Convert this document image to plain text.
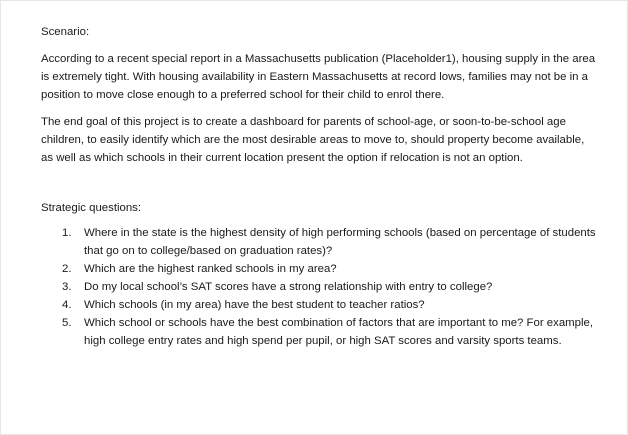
Scenario:

According to a recent special report in a Massachusetts publication (Placeholder1), housing supply in the area is extremely tight. With housing availability in Eastern Massachusetts at record lows, families may not be in a position to move close enough to a preferred school for their child to enrol there.

The end goal of this project is to create a dashboard for parents of school-age, or soon-to-be-school age children, to easily identify which are the most desirable areas to move to, should property become available, as well as which schools in their current location present the option if relocation is not an option.

Strategic questions:

1. Where in the state is the highest density of high performing schools (based on percentage of students that go on to college/based on graduation rates)?
2. Which are the highest ranked schools in my area?
3. Do my local school’s SAT scores have a strong relationship with entry to college?
4. Which schools (in my area) have the best student to teacher ratios?
5. Which school or schools have the best combination of factors that are important to me? For example, high college entry rates and high spend per pupil, or high SAT scores and varsity sports teams.
